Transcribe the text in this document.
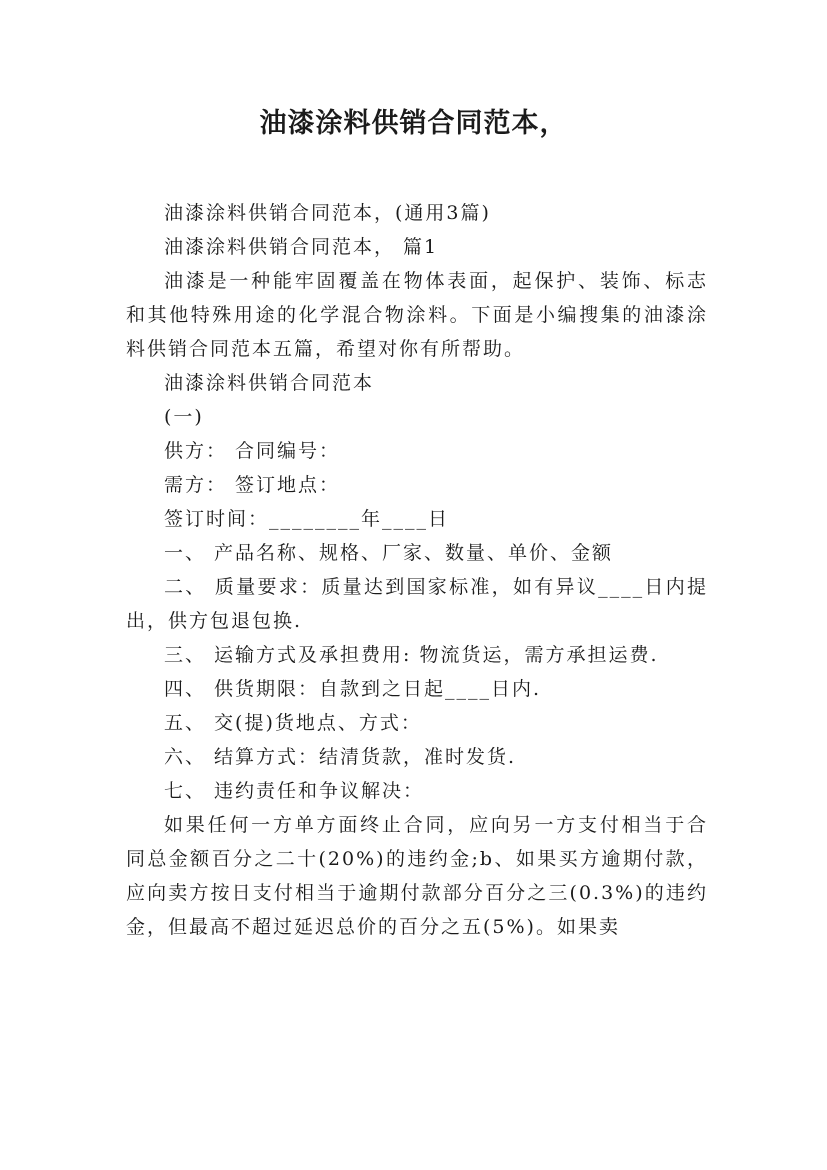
油漆涂料供销合同范本，

油漆涂料供销合同范本，(通用3篇)

油漆涂料供销合同范本， 篇1

油漆是一种能牢固覆盖在物体表面，起保护、装饰、标志和其他特殊用途的化学混合物涂料。下面是小编搜集的油漆涂料供销合同范本五篇，希望对你有所帮助。

油漆涂料供销合同范本

(一)

供方： 合同编号：

需方： 签订地点：

签订时间：________年____日

一、 产品名称、规格、厂家、数量、单价、金额

二、 质量要求：质量达到国家标准，如有异议____日内提出，供方包退包换.

三、 运输方式及承担费用: 物流货运，需方承担运费.

四、 供货期限：自款到之日起____日内.

五、 交(提)货地点、方式：

六、 结算方式：结清货款，准时发货.

七、 违约责任和争议解决：

如果任何一方单方面终止合同，应向另一方支付相当于合同总金额百分之二十(20%)的违约金;b、如果买方逾期付款，应向卖方按日支付相当于逾期付款部分百分之三(0.3%)的违约金，但最高不超过延迟总价的百分之五(5%)。如果卖
